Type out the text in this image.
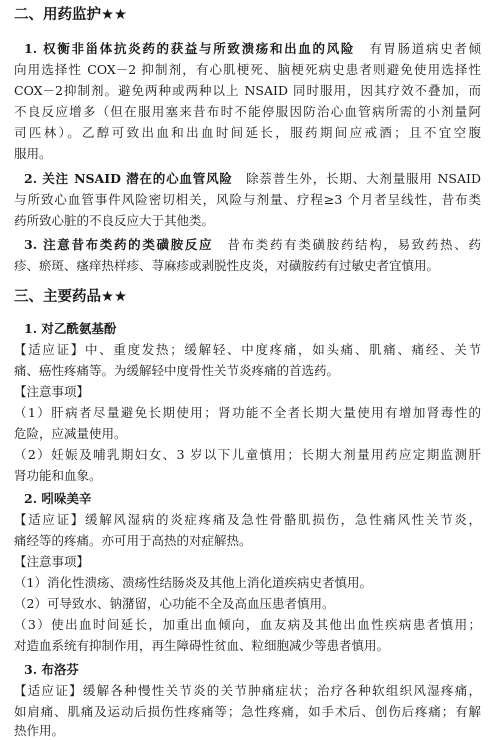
二、用药监护★★
1. 权衡非甾体抗炎药的获益与所致溃疡和出血的风险　 有胃肠道病史者倾
向用选择性 COX－2 抑制剂，有心肌梗死、脑梗死病史患者则避免使用选择性
COX－2抑制剂。避免两种或两种以上 NSAID 同时服用，因其疗效不叠加，而
不良反应增多（但在服用塞来昔布时不能停服因防治心血管病所需的小剂量阿
司匹林）。乙醇可致出血和出血时间延长，服药期间应戒酒；且不宜空腹
服用。
2. 关注 NSAID 潜在的心血管风险　 除萘普生外，长期、大剂量服用 NSAID
与所致心血管事件风险密切相关，风险与剂量、疗程≥3 个月者呈线性，昔布类
药所致心脏的不良反应大于其他类。
3. 注意昔布类药的类磺胺反应　 昔布类药有类磺胺药结构，易致药热、药
疹、瘀斑、瘙痒热样疹、荨麻疹或剥脱性皮炎，对磺胺药有过敏史者宜慎用。
三、主要药品★★
1. 对乙酰氨基酚
【适应证】中、重度发热；缓解轻、中度疼痛，如头痛、肌痛、痛经、关节
痛、癌性疼痛等。为缓解轻中度骨性关节炎疼痛的首选药。
【注意事项】
（1）肝病者尽量避免长期使用；肾功能不全者长期大量使用有增加肾毒性的
危险，应减量使用。
（2）妊娠及哺乳期妇女、3 岁以下儿童慎用；长期大剂量用药应定期监测肝
肾功能和血象。
2. 吲哚美辛
【适应证】缓解风湿病的炎症疼痛及急性骨骼肌损伤，急性痛风性关节炎，
痛经等的疼痛。亦可用于高热的对症解热。
【注意事项】
（1）消化性溃疡、溃疡性结肠炎及其他上消化道疾病史者慎用。
（2）可导致水、钠潴留，心功能不全及高血压患者慎用。
（3）使出血时间延长，加重出血倾向，血友病及其他出血性疾病患者慎用；
对造血系统有抑制作用，再生障碍性贫血、粒细胞减少等患者慎用。
3. 布洛芬
【适应证】缓解各种慢性关节炎的关节肿痛症状；治疗各种软组织风湿疼痛，
如肩痛、肌痛及运动后损伤性疼痛等；急性疼痛，如手术后、创伤后疼痛；有解
热作用。
